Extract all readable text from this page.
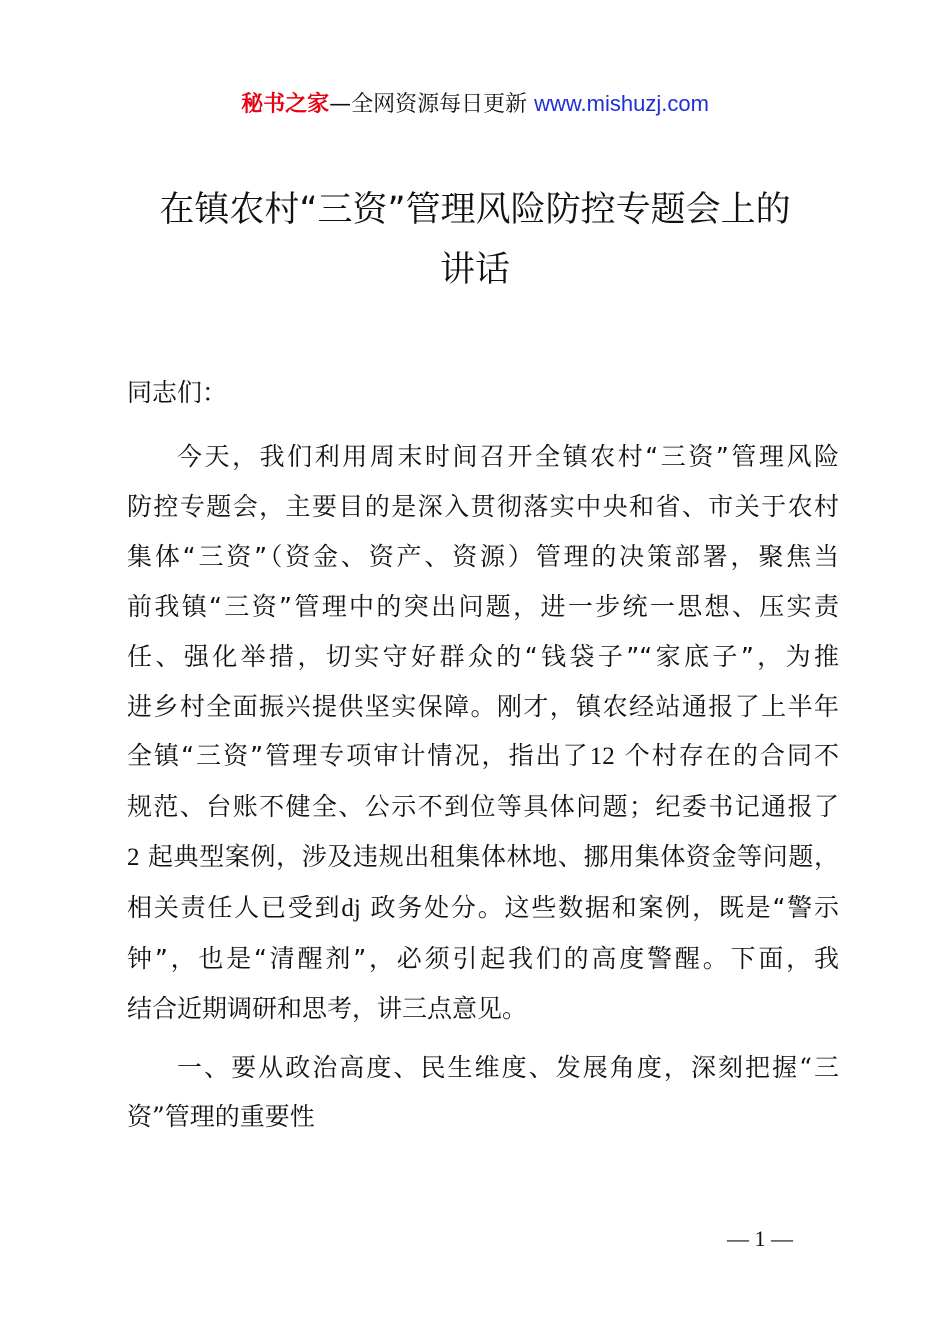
秘书之家—全网资源每日更新 www.mishuzj.com
在镇农村“三资”管理风险防控专题会上的
讲话

同志们：

今天，我们利用周末时间召开全镇农村“三资”管理风险
防控专题会，主要目的是深入贯彻落实中央和省、市关于农村
集体“三资”（资金、资产、资源）管理的决策部署，聚焦当
前我镇“三资”管理中的突出问题，进一步统一思想、压实责
任、强化举措，切实守好群众的“钱袋子”“家底子”，为推
进乡村全面振兴提供坚实保障。刚才，镇农经站通报了上半年
全镇“三资”管理专项审计情况，指出了12 个村存在的合同不
规范、台账不健全、公示不到位等具体问题；纪委书记通报了
2 起典型案例，涉及违规出租集体林地、挪用集体资金等问题，
相关责任人已受到dj 政务处分。这些数据和案例，既是“警示
钟”，也是“清醒剂”，必须引起我们的高度警醒。下面，我
结合近期调研和思考，讲三点意见。
一、要从政治高度、民生维度、发展角度，深刻把握“三
资”管理的重要性
— 1 —
